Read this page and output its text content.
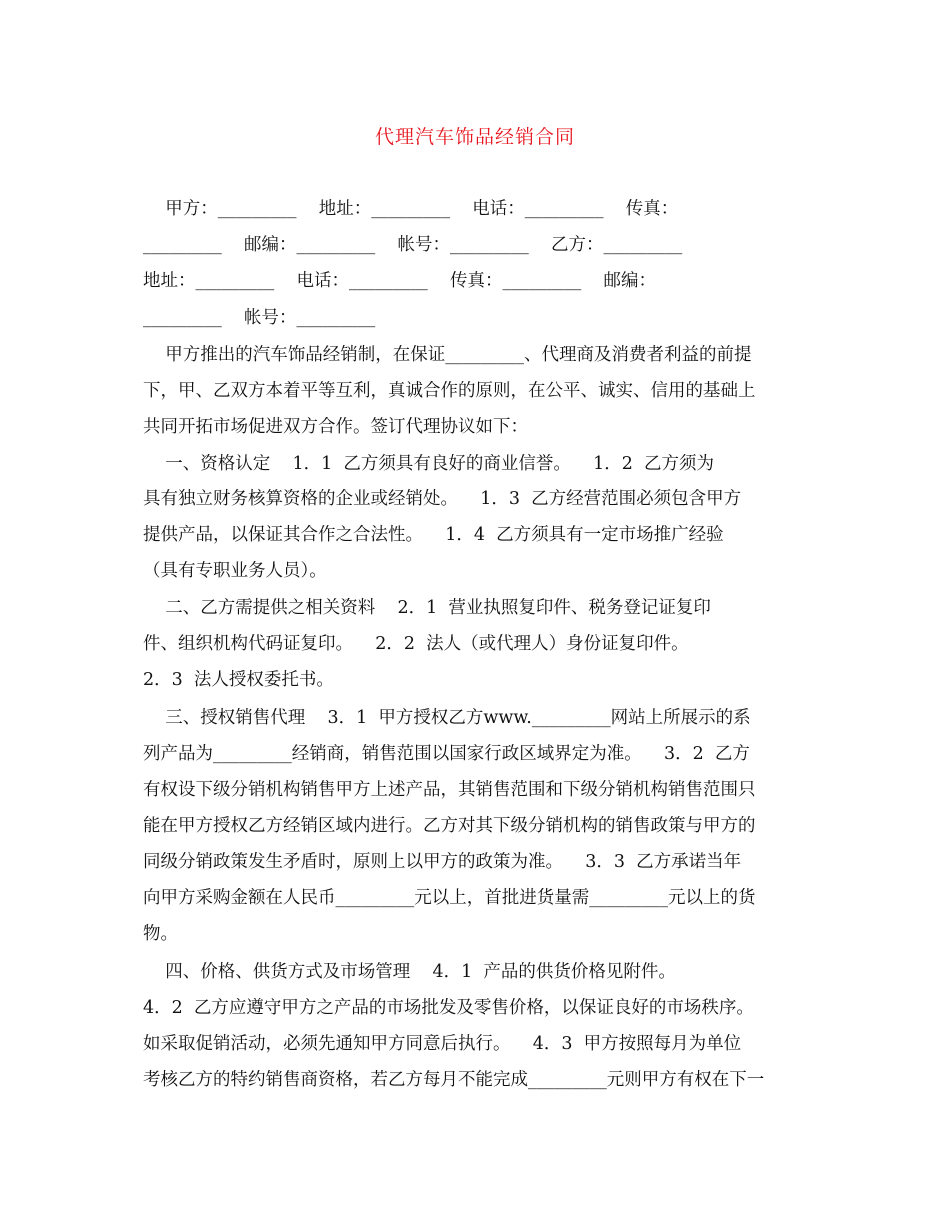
代理汽车饰品经销合同
甲方：_________    地址：_________    电话：_________    传真：
_________    邮编：_________    帐号：_________    乙方：_________
地址：_________    电话：_________    传真：_________    邮编：
_________    帐号：_________
甲方推出的汽车饰品经销制，在保证_________、代理商及消费者利益的前提
下，甲、乙双方本着平等互利，真诚合作的原则，在公平、诚实、信用的基础上
共同开拓市场促进双方合作。签订代理协议如下：
一、资格认定    1．1  乙方须具有良好的商业信誉。    1．2  乙方须为
具有独立财务核算资格的企业或经销处。    1．3  乙方经营范围必须包含甲方
提供产品，以保证其合作之合法性。    1．4  乙方须具有一定市场推广经验
（具有专职业务人员）。
二、乙方需提供之相关资料    2．1  营业执照复印件、税务登记证复印
件、组织机构代码证复印。    2．2  法人（或代理人）身份证复印件。
2．3  法人授权委托书。
三、授权销售代理    3．1  甲方授权乙方www._________网站上所展示的系
列产品为_________经销商，销售范围以国家行政区域界定为准。    3．2  乙方
有权设下级分销机构销售甲方上述产品，其销售范围和下级分销机构销售范围只
能在甲方授权乙方经销区域内进行。乙方对其下级分销机构的销售政策与甲方的
同级分销政策发生矛盾时，原则上以甲方的政策为准。    3．3  乙方承诺当年
向甲方采购金额在人民币_________元以上，首批进货量需_________元以上的货
物。
四、价格、供货方式及市场管理    4．1  产品的供货价格见附件。
4．2  乙方应遵守甲方之产品的市场批发及零售价格，以保证良好的市场秩序。
如采取促销活动，必须先通知甲方同意后执行。    4．3  甲方按照每月为单位
考核乙方的特约销售商资格，若乙方每月不能完成_________元则甲方有权在下一
